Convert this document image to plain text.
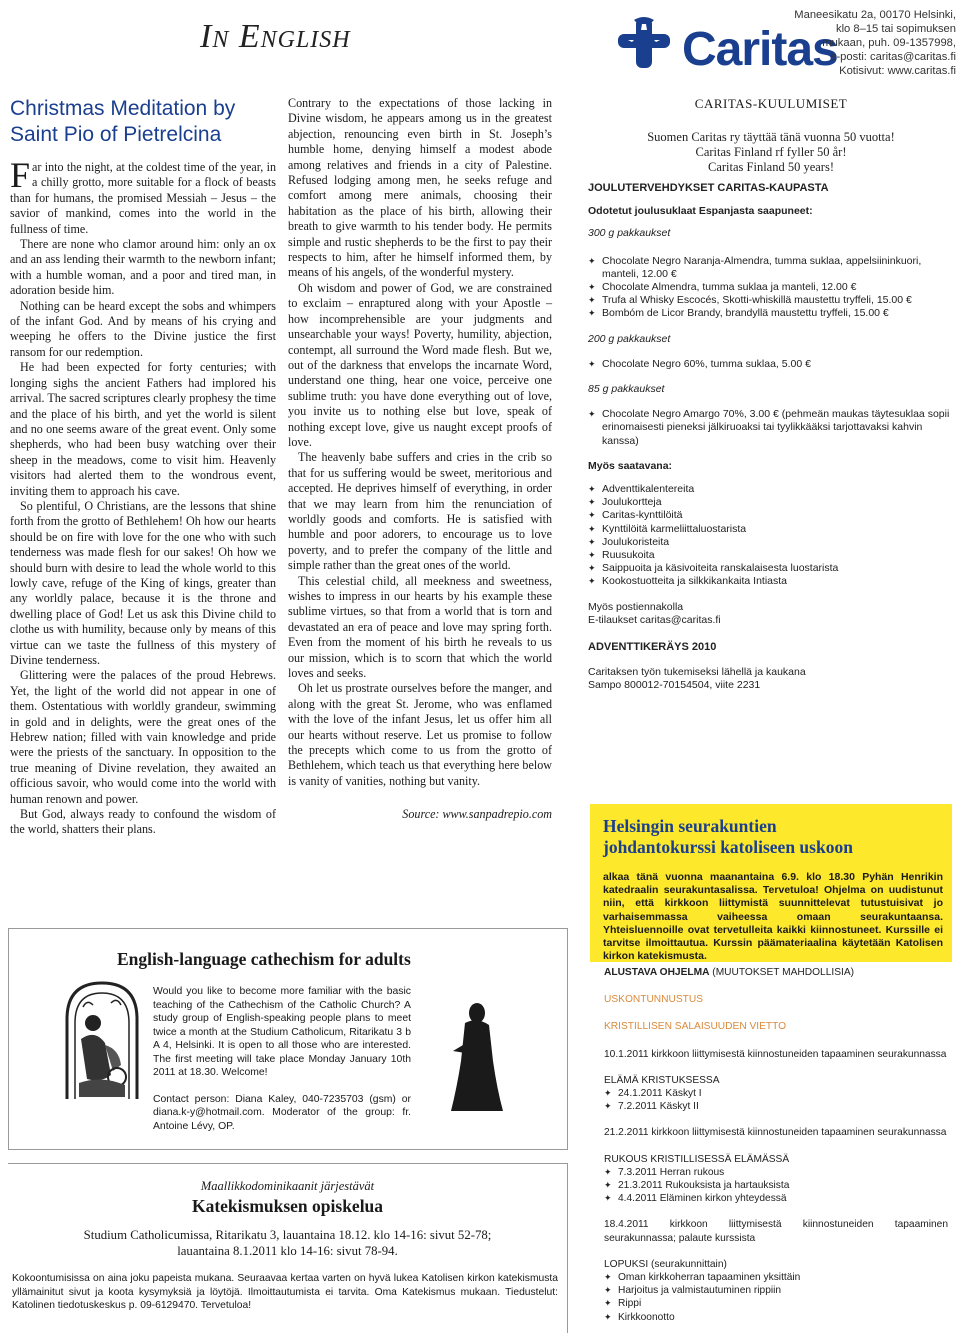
In English	Caritas
Maneesikatu 2a, 00170 Helsinki,
klo 8–15 tai sopimuksen
mukaan, puh. 09-1357998,
s-posti: caritas@caritas.fi
Kotisivut: www.caritas.fi
Christmas Meditation by
Saint Pio of Pietrelcina

Far into the night, at the coldest time of the year, in a chilly grotto, more suitable for a flock of beasts than for humans, the promised Messiah – Jesus – the savior of mankind, comes into the world in the fullness of time.

There are none who clamor around him: only an ox and an ass lending their warmth to the newborn infant; with a humble woman, and a poor and tired man, in adoration beside him.

Nothing can be heard except the sobs and whimpers of the infant God. And by means of his crying and weeping he offers to the Divine justice the first ransom for our redemption.

He had been expected for forty centuries; with longing sighs the ancient Fathers had implored his arrival. The sacred scriptures clearly prophesy the time and the place of his birth, and yet the world is silent and no one seems aware of the great event. Only some shepherds, who had been busy watching over their sheep in the meadows, come to visit him. Heavenly visitors had alerted them to the wondrous event, inviting them to approach his cave.

So plentiful, O Christians, are the lessons that shine forth from the grotto of Bethlehem! Oh how our hearts should be on fire with love for the one who with such tenderness was made flesh for our sakes! Oh how we should burn with desire to lead the whole world to this lowly cave, refuge of the King of kings, greater than any worldly palace, because it is the throne and dwelling place of God! Let us ask this Divine child to clothe us with humility, because only by means of this virtue can we taste the fullness of this mystery of Divine tenderness.

Glittering were the palaces of the proud Hebrews. Yet, the light of the world did not appear in one of them. Ostentatious with worldly grandeur, swimming in gold and in delights, were the great ones of the Hebrew nation; filled with vain knowledge and pride were the priests of the sanctuary. In opposition to the true meaning of Divine revelation, they awaited an officious savoir, who would come into the world with human renown and power.

But God, always ready to confound the wisdom of the world, shatters their plans.

Contrary to the expectations of those lacking in Divine wisdom, he appears among us in the greatest abjection, renouncing even birth in St. Joseph’s humble home, denying himself a modest abode among relatives and friends in a city of Palestine. Refused lodging among men, he seeks refuge and comfort among mere animals, choosing their habitation as the place of his birth, allowing their breath to give warmth to his tender body. He permits simple and rustic shepherds to be the first to pay their respects to him, after he himself informed them, by means of his angels, of the wonderful mystery.

Oh wisdom and power of God, we are constrained to exclaim – enraptured along with your Apostle – how incomprehensible are your judgments and unsearchable your ways! Poverty, humility, abjection, contempt, all surround the Word made flesh. But we, out of the darkness that envelops the incarnate Word, understand one thing, hear one voice, perceive one sublime truth: you have done everything out of love, you invite us to nothing else but love, speak of nothing except love, give us naught except proofs of love.

The heavenly babe suffers and cries in the crib so that for us suffering would be sweet, meritorious and accepted. He deprives himself of everything, in order that we may learn from him the renunciation of worldly goods and comforts. He is satisfied with humble and poor adorers, to encourage us to love poverty, and to prefer the company of the little and simple rather than the great ones of the world.

This celestial child, all meekness and sweetness, wishes to impress in our hearts by his example these sublime virtues, so that from a world that is torn and devastated an era of peace and love may spring forth. Even from the moment of his birth he reveals to us our mission, which is to scorn that which the world loves and seeks.

Oh let us prostrate ourselves before the manger, and along with the great St. Jerome, who was enflamed with the love of the infant Jesus, let us offer him all our hearts without reserve. Let us promise to follow the precepts which come to us from the grotto of Bethlehem, which teach us that everything here below is vanity of vanities, nothing but vanity.

Source: www.sanpadrepio.com

CARITAS-KUULUMISET
Suomen Caritas ry täyttää tänä vuonna 50 vuotta!
Caritas Finland rf fyller 50 år!
Caritas Finland 50 years!
JOULUTERVEHDYKSET CARITAS-KAUPASTA
Odotetut joulusuklaat Espanjasta saapuneet:
300 g pakkaukset
✦ Chocolate Negro Naranja-Almendra, tumma suklaa, appelsiininkuori, manteli, 12.00 €
✦ Chocolate Almendra, tumma suklaa ja manteli, 12.00 €
✦ Trufa al Whisky Escocés, Skotti-whiskillä maustettu tryffeli, 15.00 €
✦ Bombóm de Licor Brandy, brandyllä maustettu tryffeli, 15.00 €
200 g pakkaukset
✦ Chocolate Negro 60%, tumma suklaa, 5.00 €
85 g pakkaukset
✦ Chocolate Negro Amargo 70%, 3.00 € (pehmeän maukas täytesuklaa sopii erinomaisesti pieneksi jälkiruoaksi tai tyylikkääksi tarjottavaksi kahvin kanssa)
Myös saatavana:
✦ Adventtikalentereita
✦ Joulukortteja
✦ Caritas-kynttilöitä
✦ Kynttilöitä karmeliittaluostarista
✦ Joulukoristeita
✦ Ruusukoita
✦ Saippuoita ja käsivoiteita ranskalaisesta luostarista
✦ Kookostuotteita ja silkkikankaita Intiasta
Myös postiennakolla
E-tilaukset caritas@caritas.fi
ADVENTTIKERÄYS 2010
Caritaksen työn tukemiseksi lähellä ja kaukana
Sampo 800012-70154504, viite 2231
English-language cathechism for adults

Would you like to become more familiar with the basic teaching of the Cathechism of the Catholic Church? A study group of English-speaking people plans to meet twice a month at the Studium Catholicum, Ritarikatu 3 b A 4, Helsinki. It is open to all those who are interested. The first meeting will take place Monday January 10th 2011 at 18.30. Welcome!

Contact person: Diana Kaley, 040-7235703 (gsm) or diana.k-y@hotmail.com. Moderator of the group: fr. Antoine Lévy, OP.

Maallikkodominikaanit järjestävät
Katekismuksen opiskelua
Studium Catholicumissa, Ritarikatu 3, lauantaina 18.12. klo 14-16: sivut 52-78;
lauantaina 8.1.2011 klo 14-16: sivut 78-94.
Kokoontumisissa on aina joku papeista mukana. Seuraavaa kertaa varten on hyvä lukea Katolisen kirkon katekismusta yllämainitut sivut ja koota kysymyksiä ja löytöjä. Ilmoittautumista ei tarvita. Oma Katekismus mukaan. Tiedustelut: Katolinen tiedotuskeskus p. 09-6129470. Tervetuloa!
Helsingin seurakuntien
johdantokurssi katoliseen uskoon
alkaa tänä vuonna maanantaina 6.9. klo 18.30 Pyhän Henrikin katedraalin seurakuntasalissa. Tervetuloa! Ohjelma on uudistunut niin, että kirkkoon liittymistä suunnittelevat tutustuisivat jo varhaisemmassa vaiheessa omaan seurakuntaansa. Yhteisluennoille ovat tervetulleita kaikki kiinnostuneet. Kurssille ei tarvitse ilmoittautua. Kurssin päämateriaalina käytetään Katolisen kirkon katekismusta.
ALUSTAVA OHJELMA (MUUTOKSET MAHDOLLISIA)
USKONTUNNUSTUS
KRISTILLISEN SALAISUUDEN VIETTO
10.1.2011 kirkkoon liittymisestä kiinnostuneiden tapaaminen seurakunnassa
ELÄMÄ KRISTUKSESSA
✦ 24.1.2011 Käskyt I
✦ 7.2.2011 Käskyt II
21.2.2011 kirkkoon liittymisestä kiinnostuneiden tapaaminen seurakunnassa
RUKOUS KRISTILLISESSÄ ELÄMÄSSÄ
✦ 7.3.2011 Herran rukous
✦ 21.3.2011 Rukouksista ja hartauksista
✦ 4.4.2011 Eläminen kirkon yhteydessä
18.4.2011 kirkkoon liittymisestä kiinnostuneiden tapaaminen seurakunnassa; palaute kurssista
LOPUKSI (seurakunnittain)
✦ Oman kirkkoherran tapaaminen yksittäin
✦ Harjoitus ja valmistautuminen rippiin
✦ Rippi
✦ Kirkkoonotto
